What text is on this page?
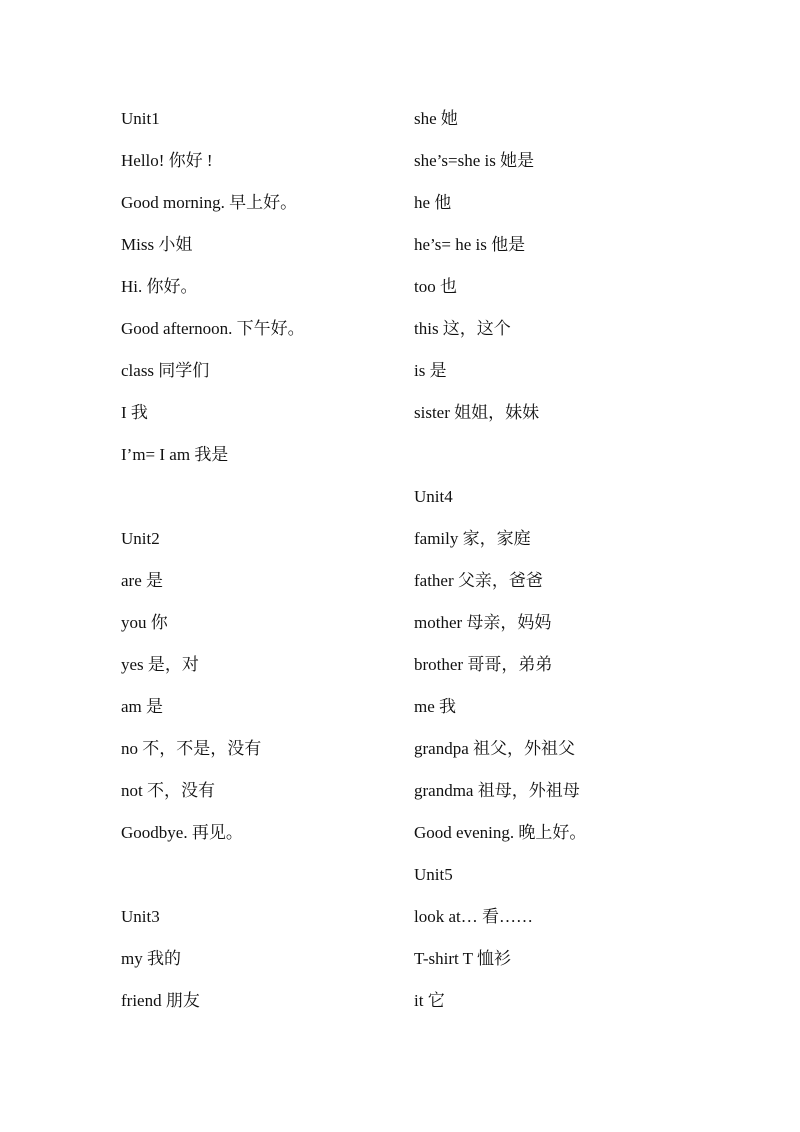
Unit1
Hello! 你好 !
Good morning. 早上好。
Miss 小姐
Hi. 你好。
Good afternoon. 下午好。
class 同学们
I 我
I’m= I am 我是
Unit2
are 是
you 你
yes 是，对
am 是
no 不，不是，没有
not 不，没有
Goodbye. 再见。
Unit3
my 我的
friend 朋友
she 她
she’s=she is 她是
he 他
he’s= he is 他是
too 也
this 这，这个
is 是
sister 姐姐，妹妹
Unit4
family 家，家庭
father 父亲，爸爸
mother 母亲，妈妈
brother 哥哥，弟弟
me 我
grandpa 祖父，外祖父
grandma 祖母，外祖母
Good evening. 晚上好。
Unit5
look at… 看……
T-shirt T 恤衫
it 它
